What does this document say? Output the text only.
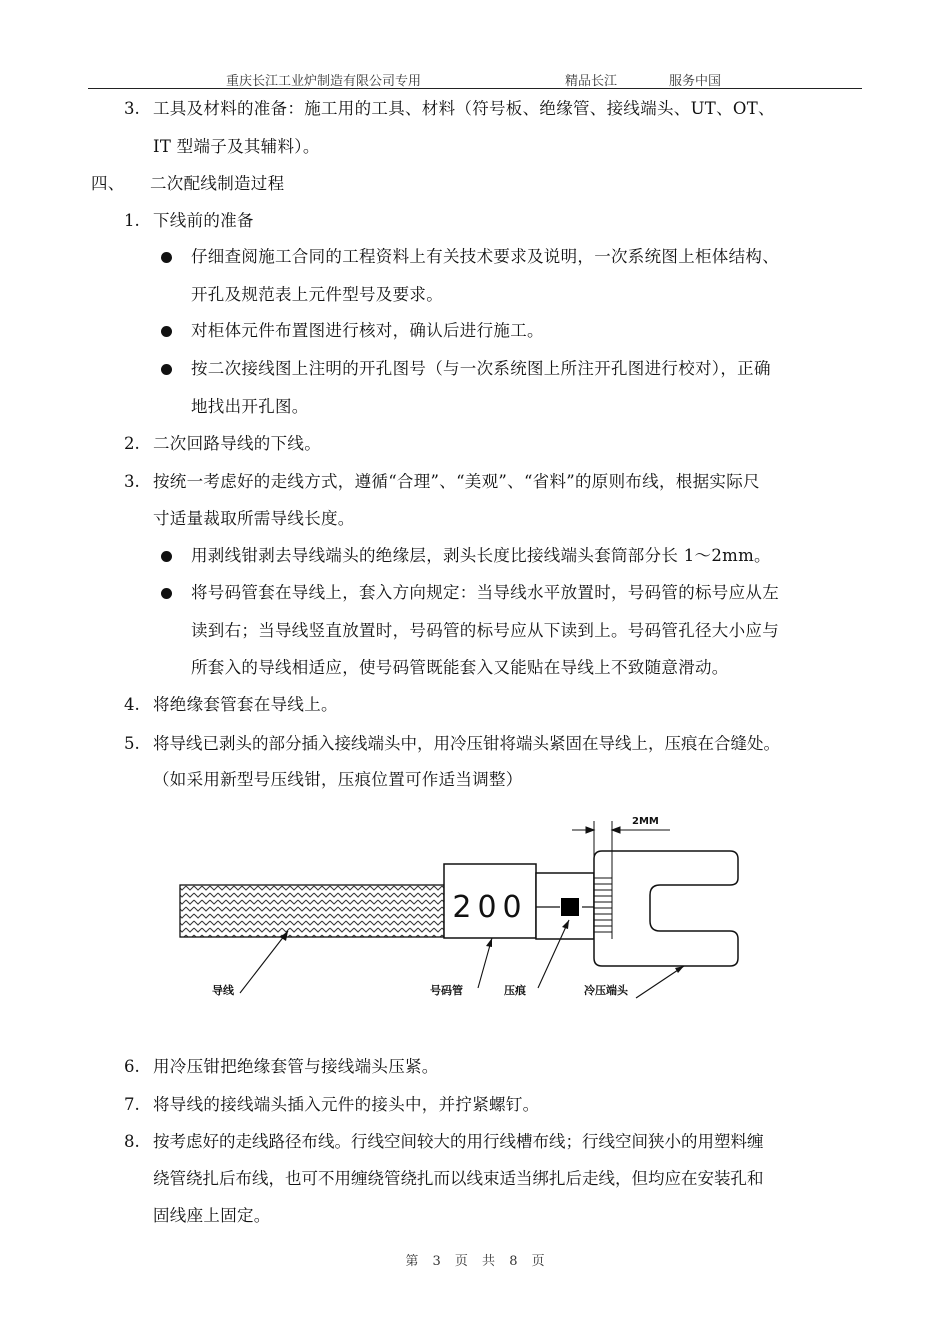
重庆长江工业炉制造有限公司专用	精品长江	服务中国
3. 工具及材料的准备：施工用的工具、材料（符号板、绝缘管、接线端头、UT、OT、
IT 型端子及其辅料）。
四、 二次配线制造过程
1. 下线前的准备
仔细查阅施工合同的工程资料上有关技术要求及说明，一次系统图上柜体结构、
开孔及规范表上元件型号及要求。
对柜体元件布置图进行核对，确认后进行施工。
按二次接线图上注明的开孔图号（与一次系统图上所注开孔图进行校对），正确
地找出开孔图。
2. 二次回路导线的下线。
3. 按统一考虑好的走线方式，遵循“合理”、“美观”、“省料”的原则布线，根据实际尺
寸适量裁取所需导线长度。
用剥线钳剥去导线端头的绝缘层，剥头长度比接线端头套筒部分长 1～2mm。
将号码管套在导线上，套入方向规定：当导线水平放置时，号码管的标号应从左
读到右；当导线竖直放置时，号码管的标号应从下读到上。号码管孔径大小应与
所套入的导线相适应，使号码管既能套入又能贴在导线上不致随意滑动。
4. 将绝缘套管套在导线上。
5. 将导线已剥头的部分插入接线端头中，用冷压钳将端头紧固在导线上，压痕在合缝处。
（如采用新型号压线钳，压痕位置可作适当调整）
200
2MM
导线	号码管	压痕	冷压端头
6. 用冷压钳把绝缘套管与接线端头压紧。
7. 将导线的接线端头插入元件的接头中，并拧紧螺钉。
8. 按考虑好的走线路径布线。行线空间较大的用行线槽布线；行线空间狭小的用塑料缠
绕管绕扎后布线，也可不用缠绕管绕扎而以线束适当绑扎后走线，但均应在安装孔和
固线座上固定。
第 3 页 共 8 页
